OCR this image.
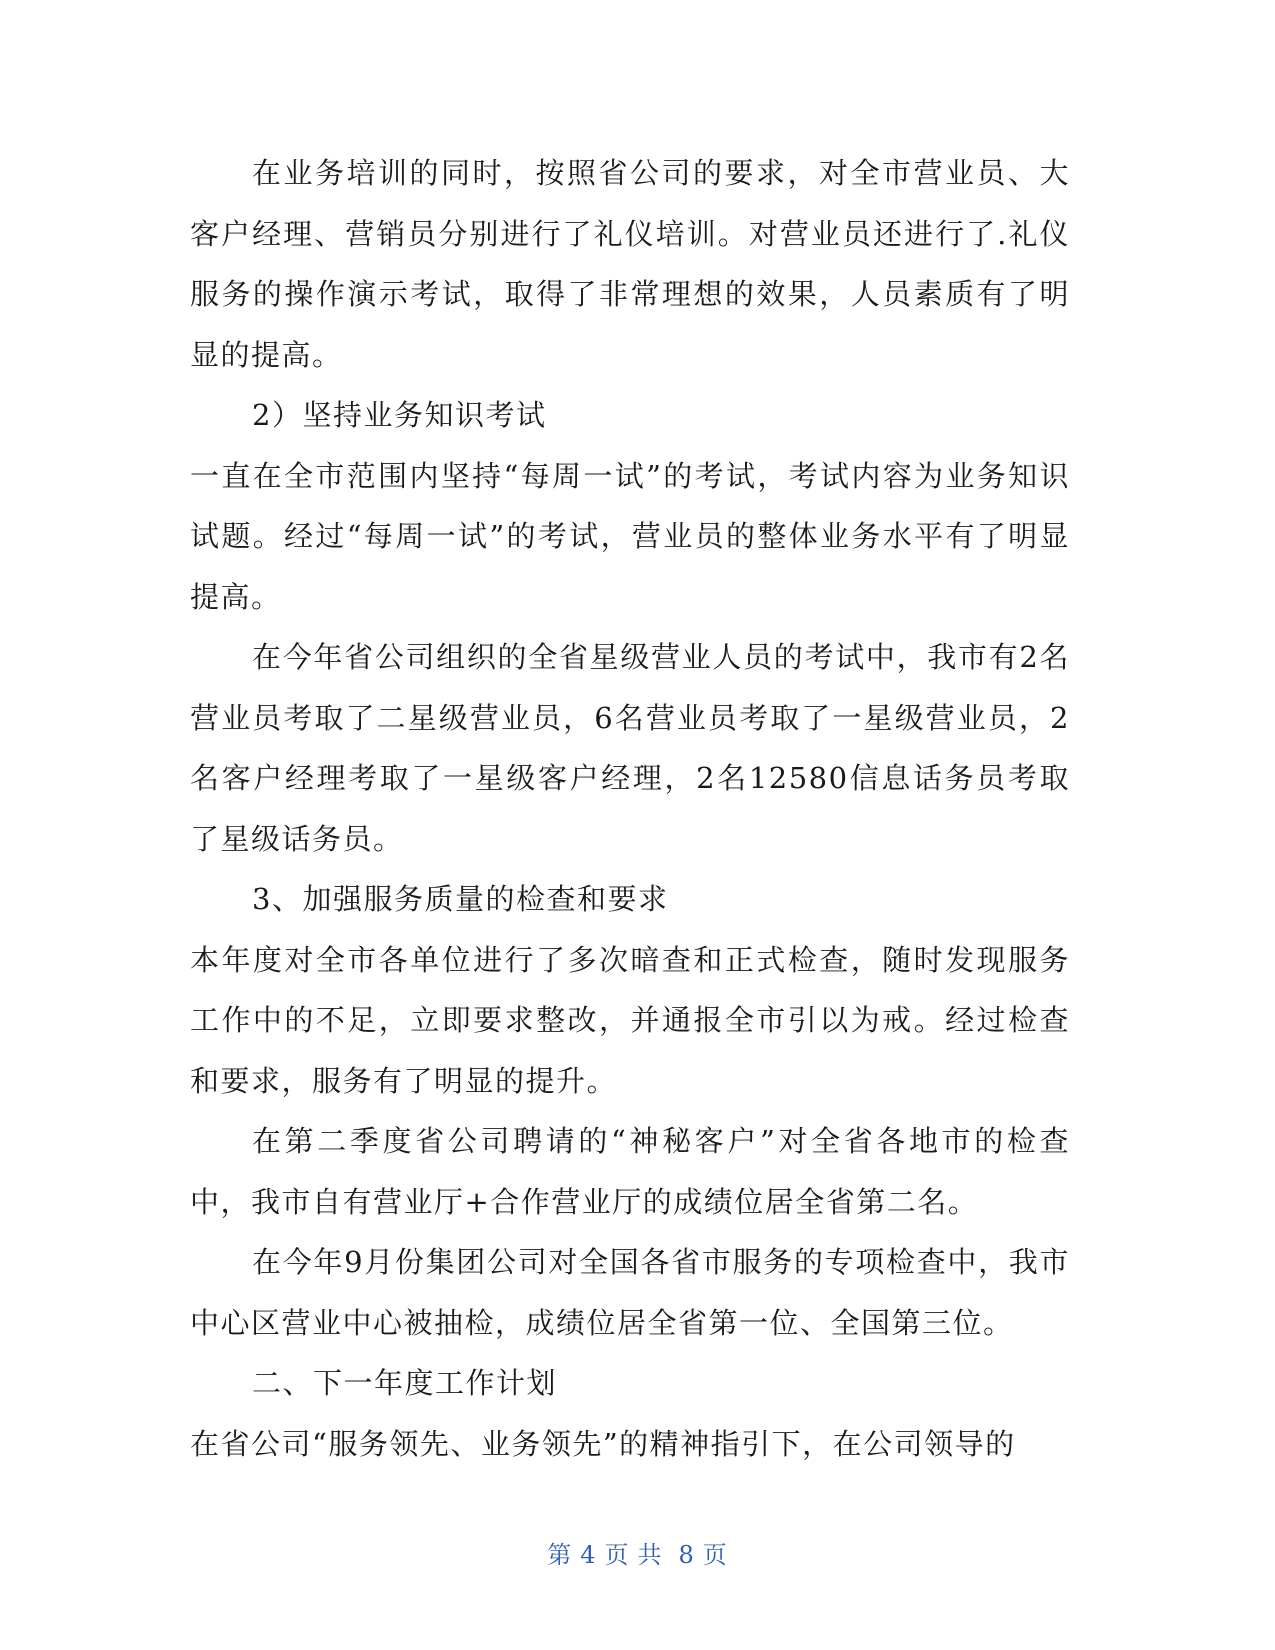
在业务培训的同时，按照省公司的要求，对全市营业员、大客户经理、营销员分别进行了礼仪培训。对营业员还进行了.礼仪服务的操作演示考试，取得了非常理想的效果，人员素质有了明显的提高。

2）坚持业务知识考试

一直在全市范围内坚持“每周一试”的考试，考试内容为业务知识试题。经过“每周一试”的考试，营业员的整体业务水平有了明显提高。

在今年省公司组织的全省星级营业人员的考试中，我市有2名营业员考取了二星级营业员，6名营业员考取了一星级营业员，2名客户经理考取了一星级客户经理，2名12580信息话务员考取了星级话务员。

3、加强服务质量的检查和要求

本年度对全市各单位进行了多次暗查和正式检查，随时发现服务工作中的不足，立即要求整改，并通报全市引以为戒。经过检查和要求，服务有了明显的提升。

在第二季度省公司聘请的“神秘客户”对全省各地市的检查中，我市自有营业厅+合作营业厅的成绩位居全省第二名。

在今年9月份集团公司对全国各省市服务的专项检查中，我市中心区营业中心被抽检，成绩位居全省第一位、全国第三位。

二、下一年度工作计划

在省公司“服务领先、业务领先”的精神指引下，在公司领导的

第 4 页 共 8 页
